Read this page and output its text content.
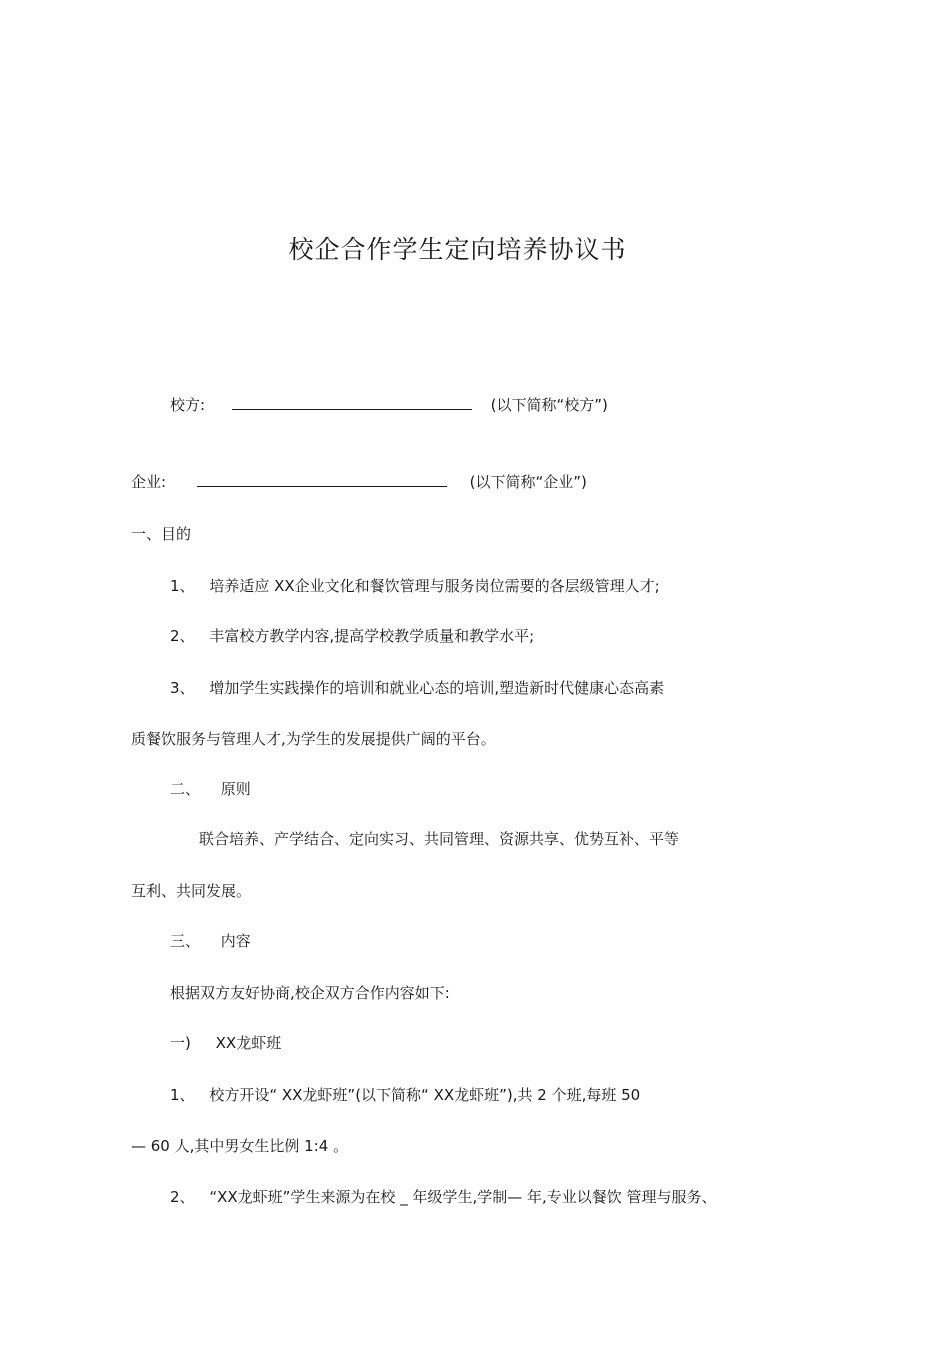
校企合作学生定向培养协议书
校方:	(以下简称“校方”)
企业:	(以下简称“企业”)
一、目的
1、 培养适应 XX企业文化和餐饮管理与服务岗位需要的各层级管理人才;
2、 丰富校方教学内容,提高学校教学质量和教学水平;
3、 增加学生实践操作的培训和就业心态的培训,塑造新时代健康心态高素
质餐饮服务与管理人才,为学生的发展提供广阔的平台。
二、 原则
联合培养、产学结合、定向实习、共同管理、资源共享、优势互补、平等
互利、共同发展。
三、 内容
根据双方友好协商,校企双方合作内容如下:
一) XX龙虾班
1、 校方开设“ XX龙虾班”(以下简称“ XX龙虾班”),共 2 个班,每班 50
— 60 人,其中男女生比例 1:4 。
2、 “XX龙虾班”学生来源为在校 _ 年级学生,学制— 年,专业以餐饮 管理与服务、
